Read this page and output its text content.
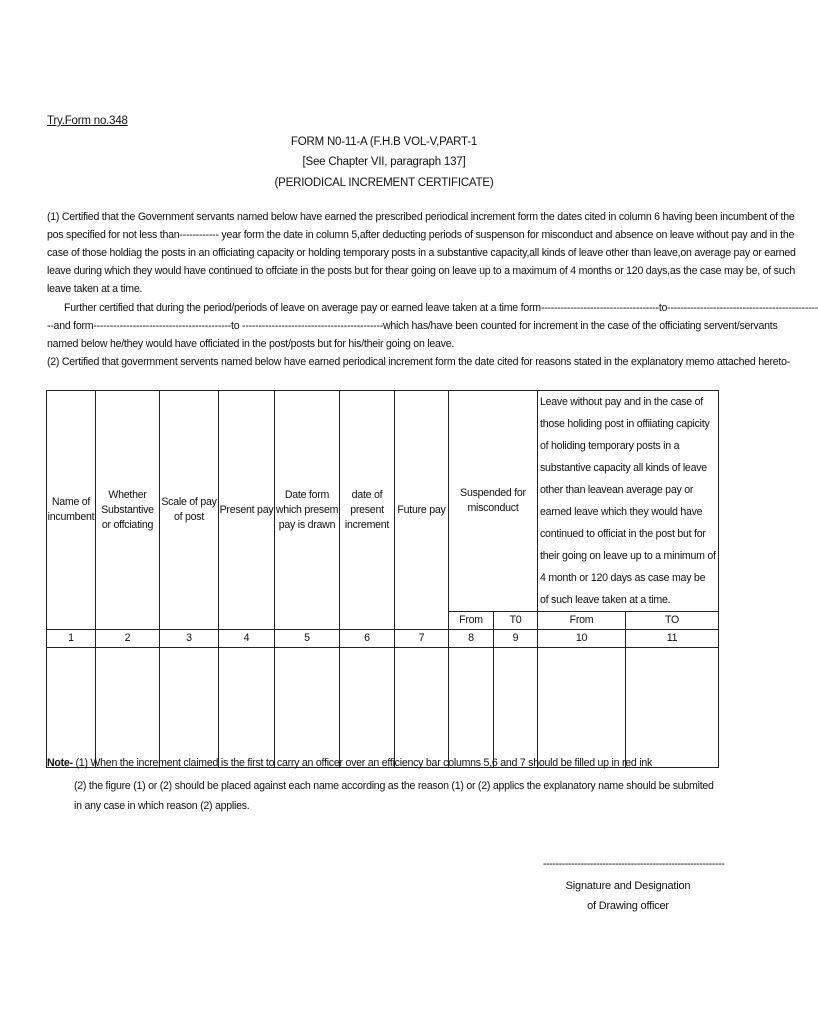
Try.Form no.348
FORM N0-11-A (F.H.B VOL-V,PART-1
[See Chapter VII, paragraph 137]
(PERIODICAL INCREMENT CERTIFICATE)
(1) Certified that the Government servants named below have earned the prescribed periodical increment form the dates cited in column 6 having been incumbent of the
pos specified for not less than------------ year form the date in column 5,after deducting periods of suspenson for misconduct and absence on leave without pay and in the
case of those holdiag the posts in an officiating capacity or holding temporary posts in a substantive capacity,all kinds of leave other than leave,on average pay or earned
leave during which they would have continued to offciate in the posts but for thear going on leave up to a maximum of 4 months or 120 days,as the case may be, of such
leave taken at a time.
Further certified that during the period/periods of leave on average pay or earned leave taken at a time form------------------------------------to----------------------------------------------
--and form------------------------------------------to -------------------------------------------which has/have been counted for increment in the case of the officiating servent/servants
named below he/they would have officiated in the post/posts but for his/their going on leave.
(2) Certified that govermment servents named below have earned periodical increment form the date cited for reasons stated in the explanatory memo attached hereto-
Name of incumbent	Whether Substantive or offciating	Scale of pay of post	Present pay	Date form which presem pay is drawn	date of present increment	Future pay	Suspended for misconduct		Leave without pay and in the case of those holiding post in offiiating capicity of holiding temporary posts in a substantive capacity all kinds of leave other than leavean average pay or earned leave which they would have continued to officiat in the post but for their going on leave up to a minimum of 4 month or 120 days as case may be of such leave taken at a time.	
							From	T0	From	TO
1	2	3	4	5	6	7	8	9	10	11

Note- (1) When the increment claimed is the first to carry an officer over an efficiency bar columns 5,6 and 7 should be filled up in red ink
(2) the figure (1) or (2) should be placed against each name according as the reason (1) or (2) applics the explanatory name should be submited
in any case in which reason (2) applies.
----------------------------------------------------------
Signature and Designation
of Drawing officer
